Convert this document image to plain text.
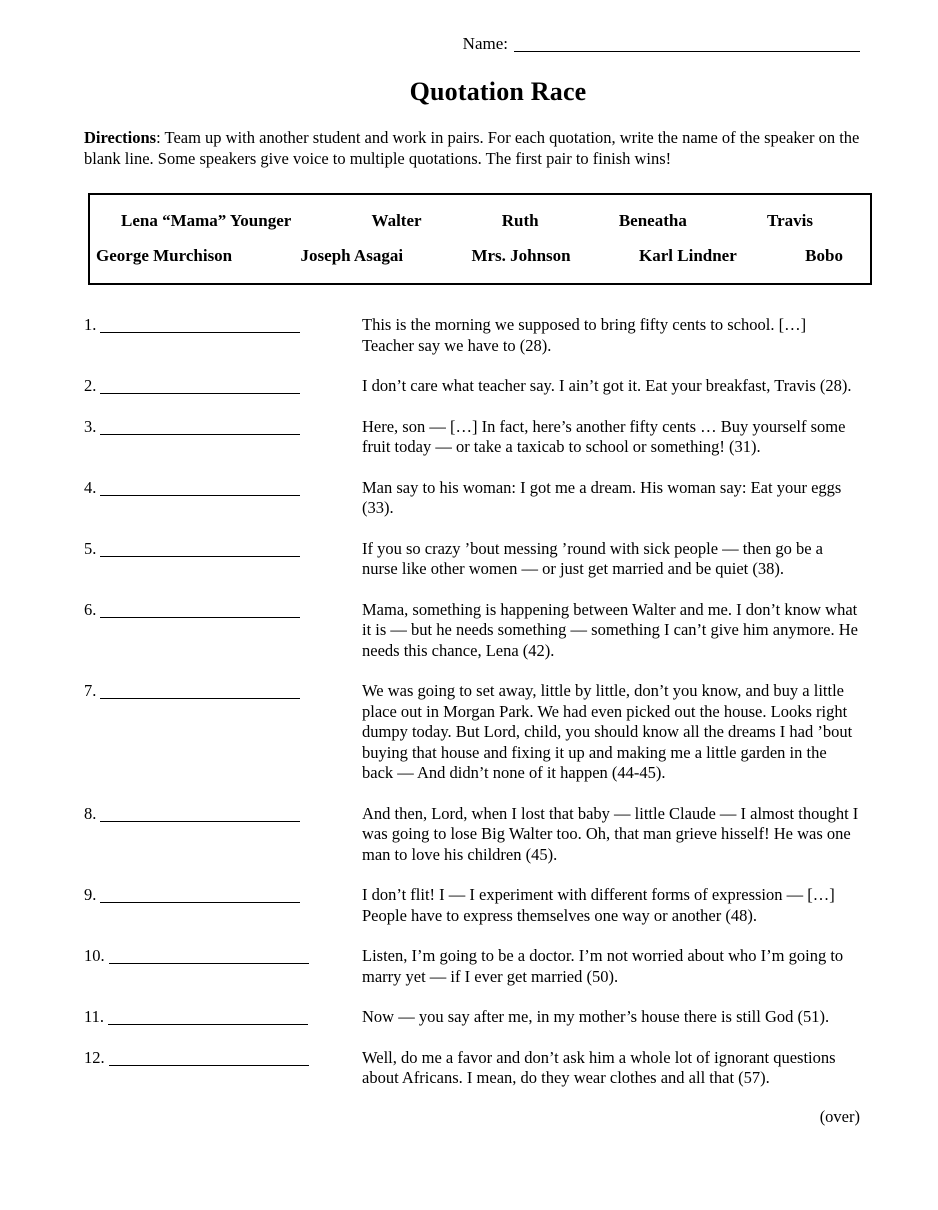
Name:
Quotation Race

Directions: Team up with another student and work in pairs. For each quotation, write the name of the speaker on the blank line. Some speakers give voice to multiple quotations. The first pair to finish wins!

Lena “Mama” Younger	Walter	Ruth	Beneatha	Travis
George Murchison	Joseph Asagai	Mrs. Johnson	Karl Lindner	Bobo
1.	This is the morning we supposed to bring fifty cents to school. […] Teacher say we have to (28).
2.	I don’t care what teacher say. I ain’t got it. Eat your breakfast, Travis (28).
3.	Here, son — […] In fact, here’s another fifty cents … Buy yourself some fruit today — or take a taxicab to school or something! (31).
4.	Man say to his woman: I got me a dream. His woman say: Eat your eggs (33).
5.	If you so crazy ’bout messing ’round with sick people — then go be a nurse like other women — or just get married and be quiet (38).
6.	Mama, something is happening between Walter and me. I don’t know what it is — but he needs something — something I can’t give him anymore. He needs this chance, Lena (42).
7.	We was going to set away, little by little, don’t you know, and buy a little place out in Morgan Park. We had even picked out the house. Looks right dumpy today. But Lord, child, you should know all the dreams I had ’bout buying that house and fixing it up and making me a little garden in the back — And didn’t none of it happen (44-45).
8.	And then, Lord, when I lost that baby — little Claude — I almost thought I was going to lose Big Walter too. Oh, that man grieve hisself! He was one man to love his children (45).
9.	I don’t flit! I — I experiment with different forms of expression — […] People have to express themselves one way or another (48).
10.	Listen, I’m going to be a doctor. I’m not worried about who I’m going to marry yet — if I ever get married (50).
11.	Now — you say after me, in my mother’s house there is still God (51).
12.	Well, do me a favor and don’t ask him a whole lot of ignorant questions about Africans. I mean, do they wear clothes and all that (57).
(over)
